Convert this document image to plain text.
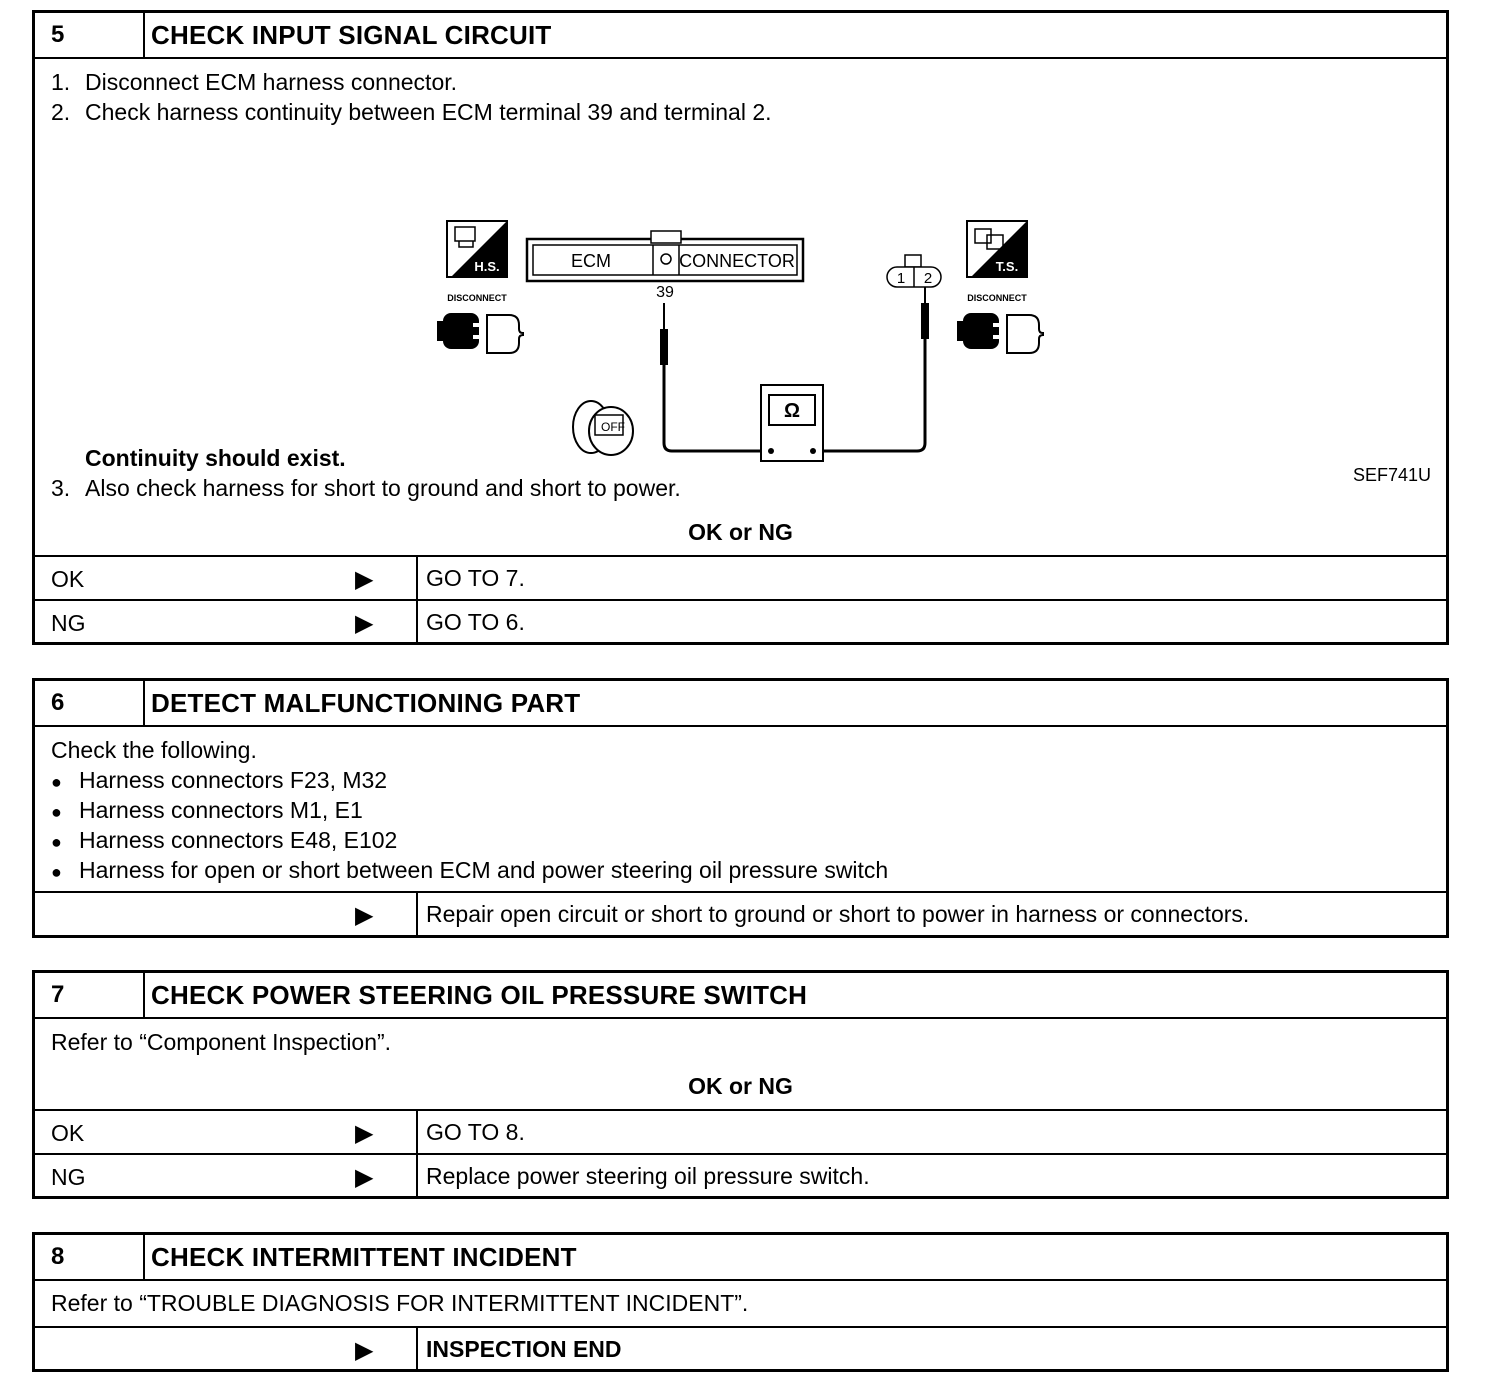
5	CHECK INPUT SIGNAL CIRCUIT
1. Disconnect ECM harness connector.
2. Check harness continuity between ECM terminal 39 and terminal 2.
H.S.
DISCONNECT
ECM	CONNECTOR
39
1 2
T.S.
DISCONNECT
Ω
OFF
SEF741U
Continuity should exist.
3. Also check harness for short to ground and short to power.
OK or NG
OK	▶	GO TO 7.
NG	▶	GO TO 6.
6	DETECT MALFUNCTIONING PART
Check the following.
● Harness connectors F23, M32
● Harness connectors M1, E1
● Harness connectors E48, E102
● Harness for open or short between ECM and power steering oil pressure switch
▶	Repair open circuit or short to ground or short to power in harness or connectors.
7	CHECK POWER STEERING OIL PRESSURE SWITCH
Refer to “Component Inspection”.
OK or NG
OK	▶	GO TO 8.
NG	▶	Replace power steering oil pressure switch.
8	CHECK INTERMITTENT INCIDENT
Refer to “TROUBLE DIAGNOSIS FOR INTERMITTENT INCIDENT”.
▶	INSPECTION END
